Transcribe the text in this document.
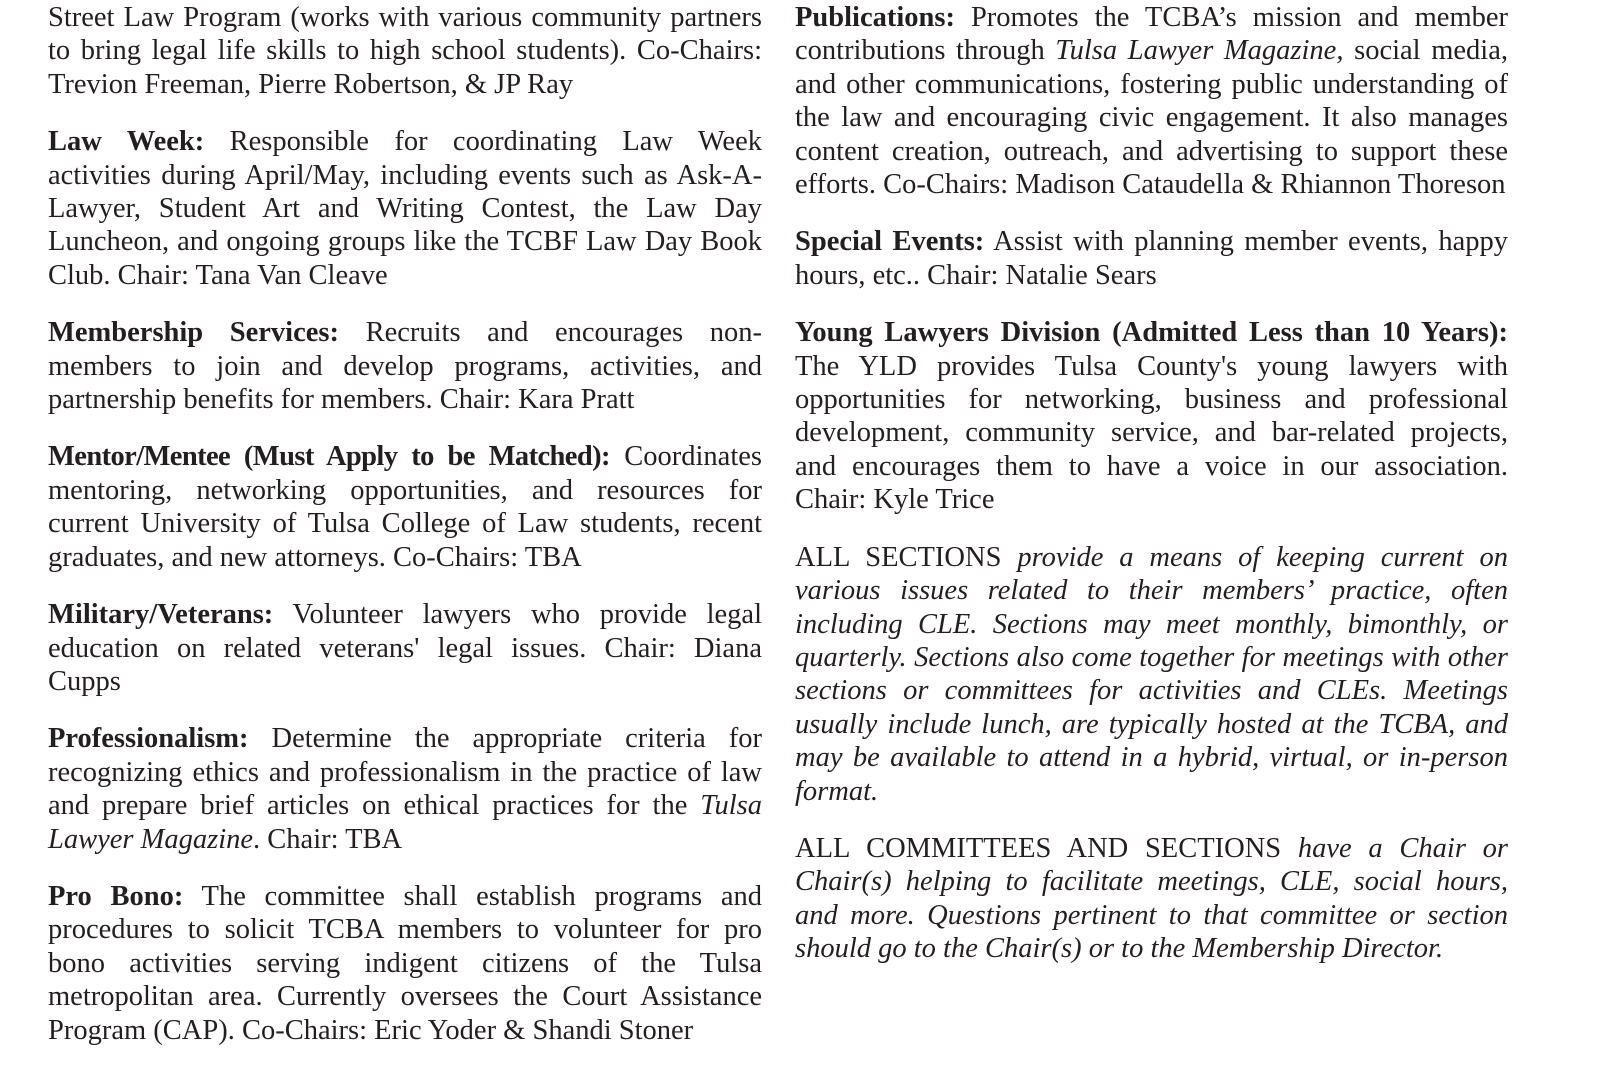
Street Law Program (works with various community partners to bring legal life skills to high school students). Co-Chairs: Trevion Freeman, Pierre Robertson, & JP Ray

Law Week: Responsible for coordinating Law Week activities during April/May, including events such as Ask-A-Lawyer, Student Art and Writing Contest, the Law Day Luncheon, and ongoing groups like the TCBF Law Day Book Club. Chair: Tana Van Cleave

Membership Services: Recruits and encourages non-members to join and develop programs, activities, and partnership benefits for members. Chair: Kara Pratt

Mentor/Mentee (Must Apply to be Matched): Coordinates mentoring, networking opportunities, and resources for current University of Tulsa College of Law students, recent graduates, and new attorneys. Co-Chairs: TBA

Military/Veterans: Volunteer lawyers who provide legal education on related veterans' legal issues. Chair: Diana Cupps

Professionalism: Determine the appropriate criteria for recognizing ethics and professionalism in the practice of law and prepare brief articles on ethical practices for the Tulsa Lawyer Magazine. Chair: TBA

Pro Bono: The committee shall establish programs and procedures to solicit TCBA members to volunteer for pro bono activities serving indigent citizens of the Tulsa metropolitan area. Currently oversees the Court Assistance Program (CAP). Co-Chairs: Eric Yoder & Shandi Stoner

Publications: Promotes the TCBA’s mission and member contributions through Tulsa Lawyer Magazine, social media, and other communications, fostering public understanding of the law and encouraging civic engagement. It also manages content creation, outreach, and advertising to support these efforts. Co-Chairs: Madison Cataudella & Rhiannon Thoreson

Special Events: Assist with planning member events, happy hours, etc.. Chair: Natalie Sears

Young Lawyers Division (Admitted Less than 10 Years): The YLD provides Tulsa County's young lawyers with opportunities for networking, business and professional development, community service, and bar-related projects, and encourages them to have a voice in our association. Chair: Kyle Trice

ALL SECTIONS provide a means of keeping current on various issues related to their members’ practice, often including CLE. Sections may meet monthly, bimonthly, or quarterly. Sections also come together for meetings with other sections or committees for activities and CLEs. Meetings usually include lunch, are typically hosted at the TCBA, and may be available to attend in a hybrid, virtual, or in-person format.

ALL COMMITTEES AND SECTIONS have a Chair or Chair(s) helping to facilitate meetings, CLE, social hours, and more. Questions pertinent to that committee or section should go to the Chair(s) or to the Membership Director.
